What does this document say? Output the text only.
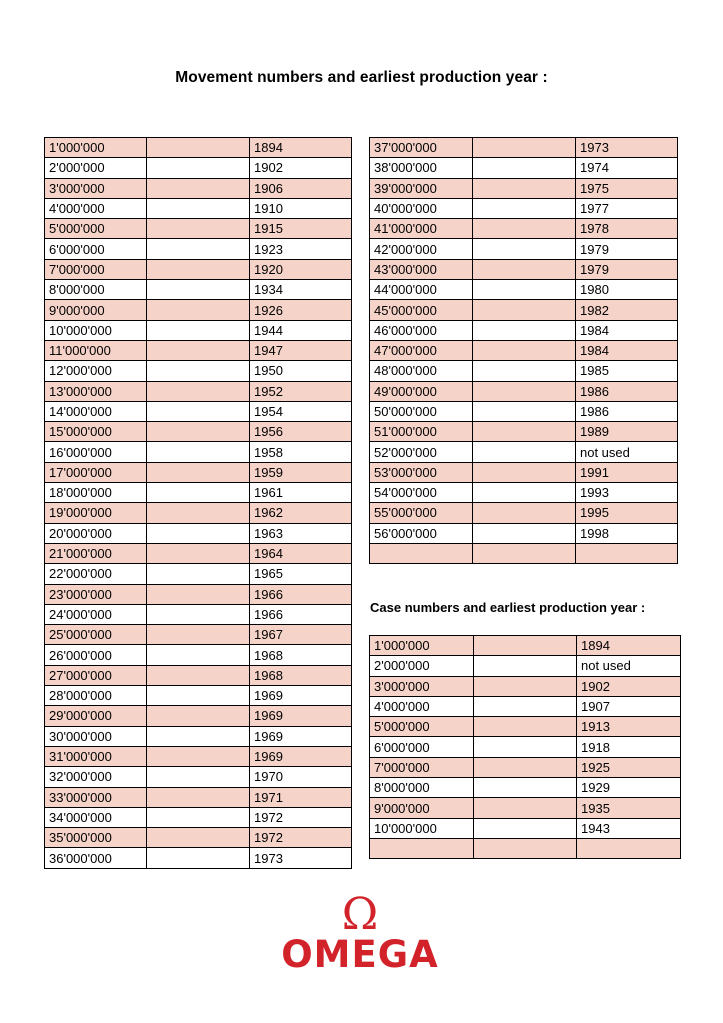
Movement numbers and earliest production year :
1'000'000		1894
2'000'000		1902
3'000'000		1906
4'000'000		1910
5'000'000		1915
6'000'000		1923
7'000'000		1920
8'000'000		1934
9'000'000		1926
10'000'000		1944
11'000'000		1947
12'000'000		1950
13'000'000		1952
14'000'000		1954
15'000'000		1956
16'000'000		1958
17'000'000		1959
18'000'000		1961
19'000'000		1962
20'000'000		1963
21'000'000		1964
22'000'000		1965
23'000'000		1966
24'000'000		1966
25'000'000		1967
26'000'000		1968
27'000'000		1968
28'000'000		1969
29'000'000		1969
30'000'000		1969
31'000'000		1969
32'000'000		1970
33'000'000		1971
34'000'000		1972
35'000'000		1972
36'000'000		1973
37'000'000		1973
38'000'000		1974
39'000'000		1975
40'000'000		1977
41'000'000		1978
42'000'000		1979
43'000'000		1979
44'000'000		1980
45'000'000		1982
46'000'000		1984
47'000'000		1984
48'000'000		1985
49'000'000		1986
50'000'000		1986
51'000'000		1989
52'000'000		not used
53'000'000		1991
54'000'000		1993
55'000'000		1995
56'000'000		1998

Case numbers and earliest production year :
1'000'000		1894
2'000'000		not used
3'000'000		1902
4'000'000		1907
5'000'000		1913
6'000'000		1918
7'000'000		1925
8'000'000		1929
9'000'000		1935
10'000'000		1943

Ω
OMEGA
